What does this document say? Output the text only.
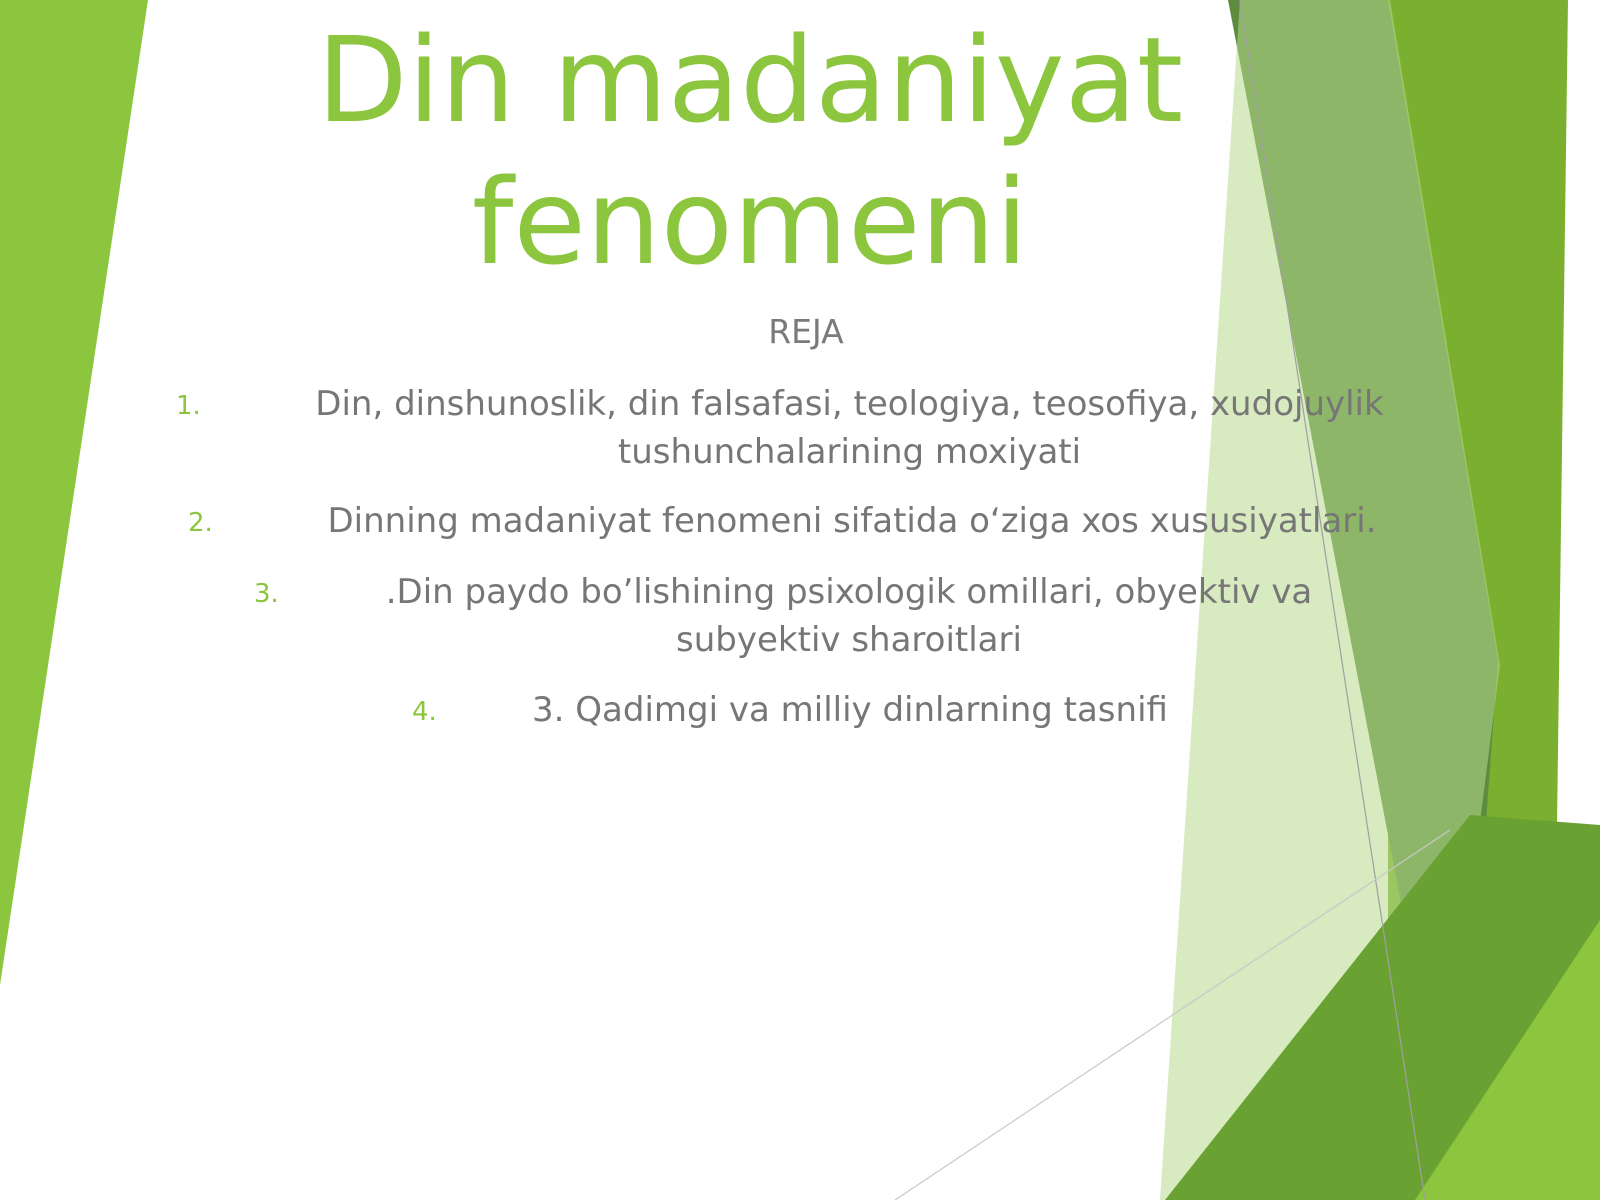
Din madaniyat
fenomeni
REJA
1.	Din, dinshunoslik, din falsafasi, teologiya, teosofiya, xudojuylik tushunchalarining moxiyati
2.	Dinning madaniyat fenomeni sifatida o‘ziga xos xususiyatlari.
3.	.Din paydo bo’lishining psixologik omillari, obyektiv va subyektiv sharoitlari
4.	3. Qadimgi va milliy dinlarning tasnifi
